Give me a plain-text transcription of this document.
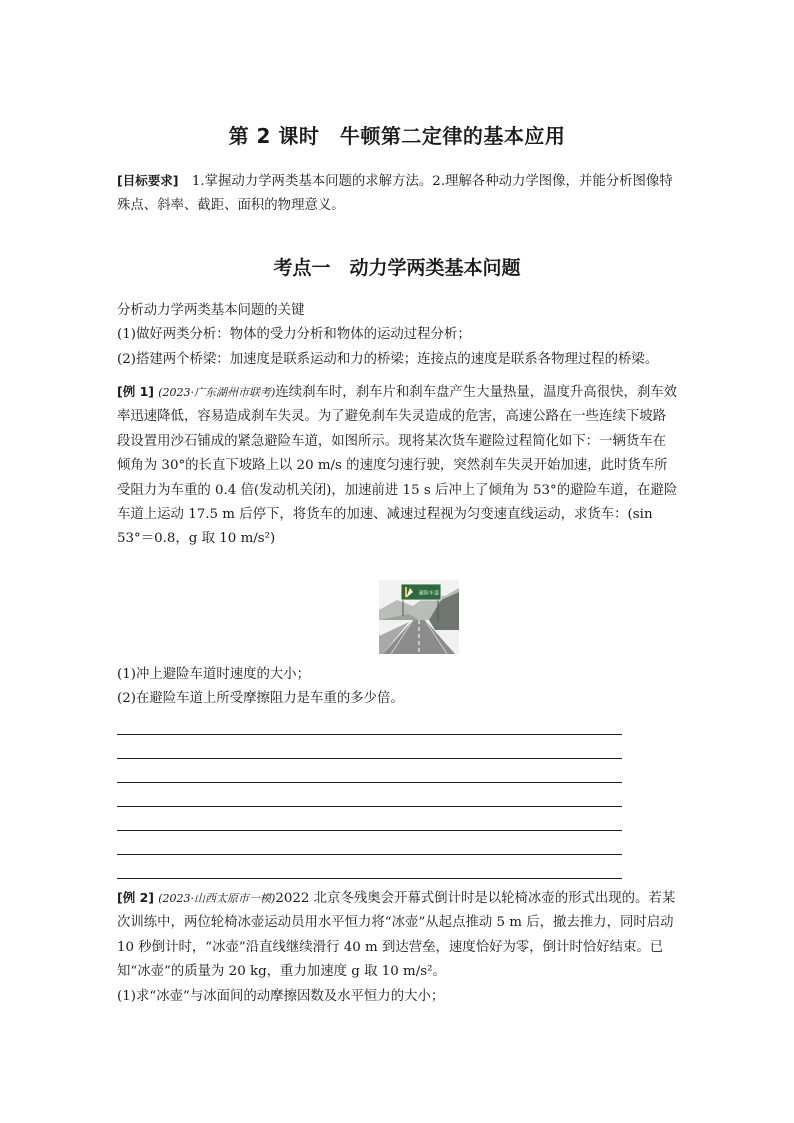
第 2 课时　牛顿第二定律的基本应用
[目标要求]　1.掌握动力学两类基本问题的求解方法。2.理解各种动力学图像，并能分析图像特殊点、斜率、截距、面积的物理意义。
考点一　动力学两类基本问题
分析动力学两类基本问题的关键
(1)做好两类分析：物体的受力分析和物体的运动过程分析；
(2)搭建两个桥梁：加速度是联系运动和力的桥梁；连接点的速度是联系各物理过程的桥梁。
[例 1] (2023·广东湖州市联考)连续刹车时，刹车片和刹车盘产生大量热量，温度升高很快，刹车效率迅速降低，容易造成刹车失灵。为了避免刹车失灵造成的危害，高速公路在一些连续下坡路段设置用沙石铺成的紧急避险车道，如图所示。现将某次货车避险过程简化如下：一辆货车在倾角为 30°的长直下坡路上以 20 m/s 的速度匀速行驶，突然刹车失灵开始加速，此时货车所受阻力为车重的 0.4 倍(发动机关闭)，加速前进 15 s 后冲上了倾角为 53°的避险车道，在避险车道上运动 17.5 m 后停下，将货车的加速、减速过程视为匀变速直线运动，求货车：(sin 53°＝0.8，g 取 10 m/s²)
避险车道
(1)冲上避险车道时速度的大小；
(2)在避险车道上所受摩擦阻力是车重的多少倍。
[例 2] (2023·山西太原市一模)2022 北京冬残奥会开幕式倒计时是以轮椅冰壶的形式出现的。若某次训练中，两位轮椅冰壶运动员用水平恒力将“冰壶”从起点推动 5 m 后，撤去推力，同时启动 10 秒倒计时，“冰壶”沿直线继续滑行 40 m 到达营垒，速度恰好为零，倒计时恰好结束。已知“冰壶”的质量为 20 kg，重力加速度 g 取 10 m/s²。
(1)求“冰壶”与冰面间的动摩擦因数及水平恒力的大小；
